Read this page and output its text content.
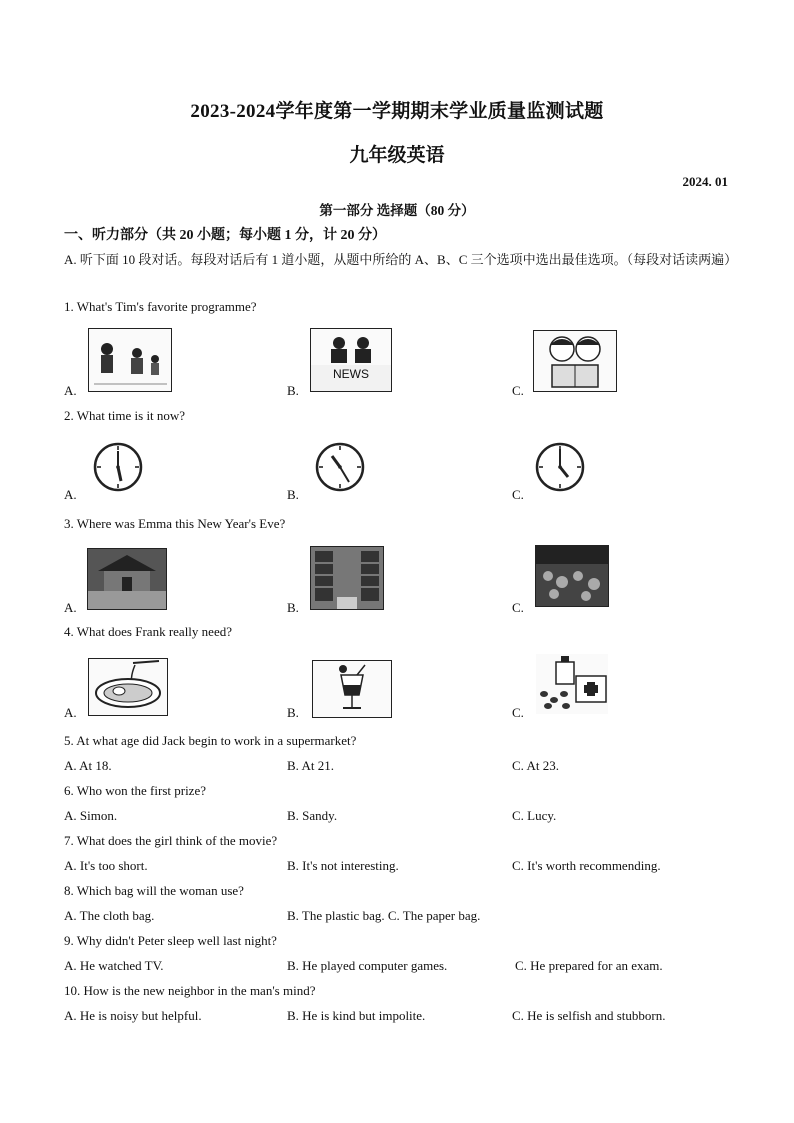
2023-2024学年度第一学期期末学业质量监测试题
九年级英语
2024. 01
第一部分 选择题（80 分）
一、听力部分（共 20 小题；每小题 1 分，计 20 分）
A. 听下面 10 段对话。每段对话后有 1 道小题，从题中所给的 A、B、C 三个选项中选出最佳选项。（每段对话读两遍）
1. What's Tim's favorite programme?
A.	B.
NEWS
C.
2. What time is it now?
A.	B.	C.
3. Where was Emma this New Year's Eve?
A.	B.	C.
4. What does Frank really need?
A.	B.	C.
5. At what age did Jack begin to work in a supermarket?
A. At 18.	B. At 21.	C. At 23.
6. Who won the first prize?
A. Simon.	B. Sandy.	C. Lucy.
7. What does the girl think of the movie?
A. It's too short.	B. It's not interesting.	C. It's worth recommending.
8. Which bag will the woman use?
A. The cloth bag.	B. The plastic bag. C. The paper bag.
9. Why didn't Peter sleep well last night?
A. He watched TV.	B. He played computer games.	C. He prepared for an exam.
10. How is the new neighbor in the man's mind?
A. He is noisy but helpful.	B. He is kind but impolite.	C. He is selfish and stubborn.
